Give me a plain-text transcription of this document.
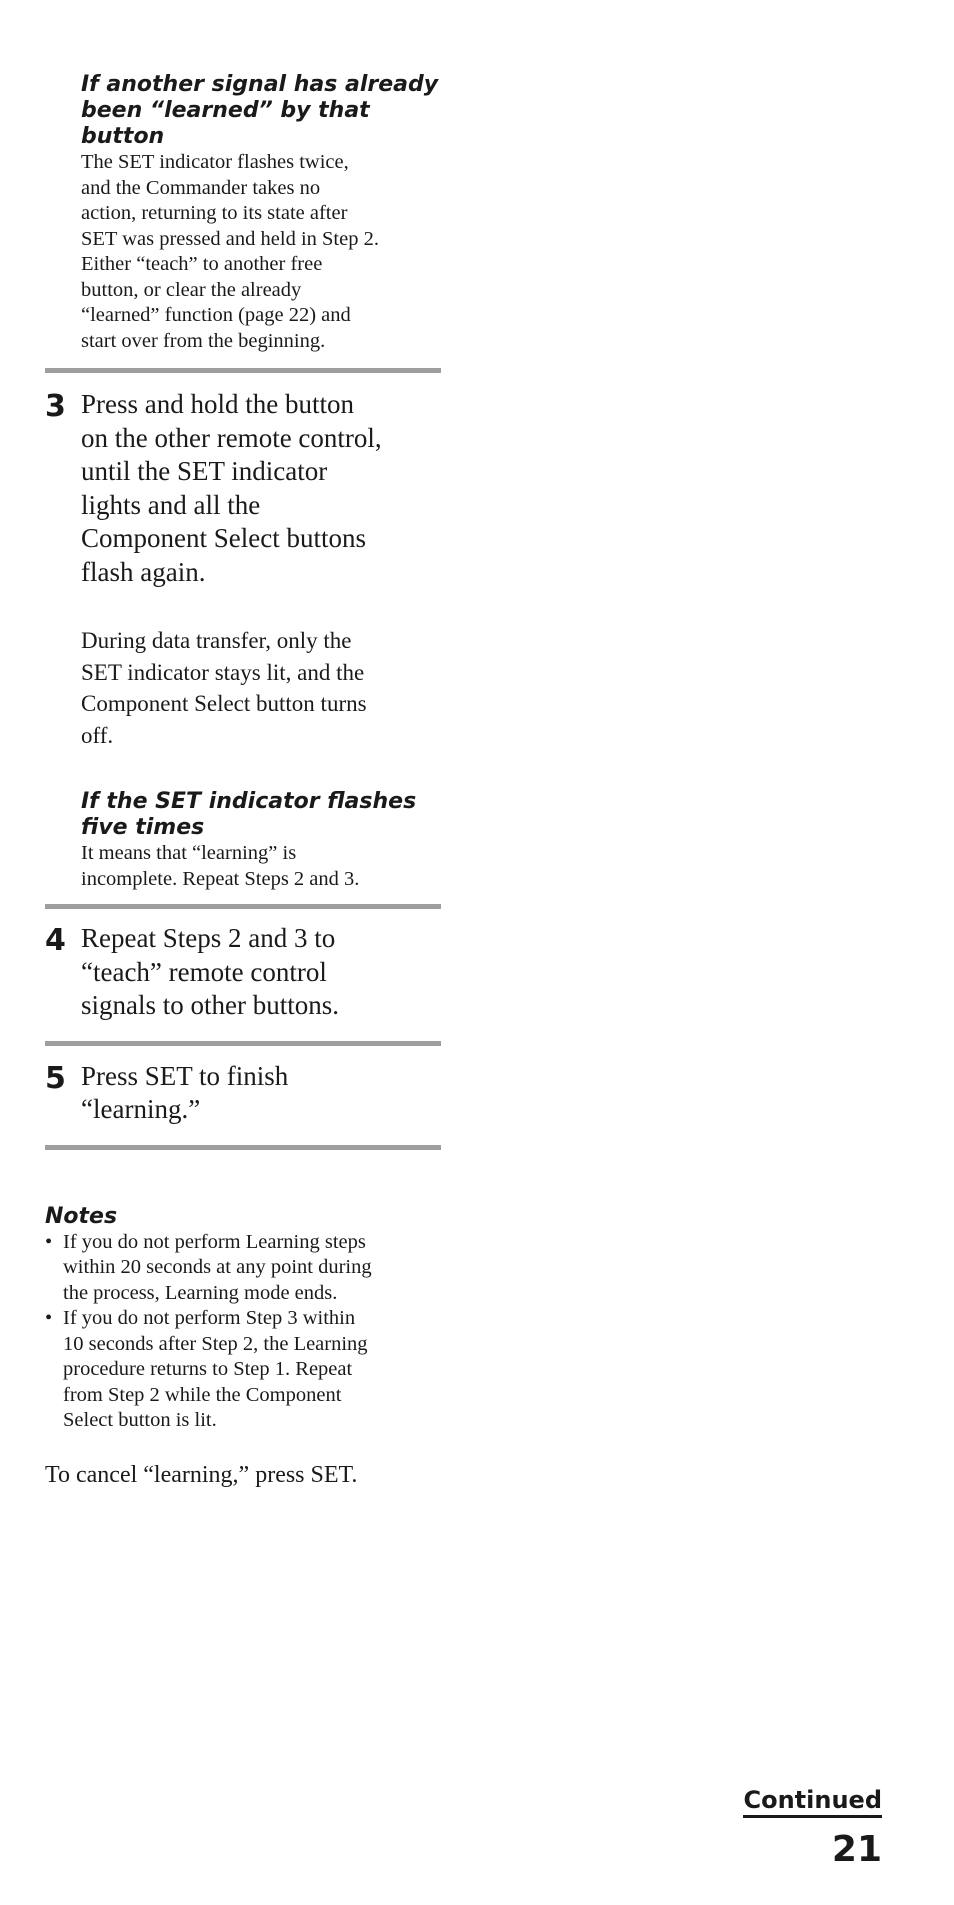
If another signal has already
been “learned” by that
button

The SET indicator flashes twice,
and the Commander takes no
action, returning to its state after
SET was pressed and held in Step 2.
Either “teach” to another free
button, or clear the already
“learned” function (page 22) and
start over from the beginning.

3 Press and hold the button
on the other remote control,
until the SET indicator
lights and all the
Component Select buttons
flash again.

During data transfer, only the
SET indicator stays lit, and the
Component Select button turns
off.

If the SET indicator flashes
five times

It means that “learning” is
incomplete. Repeat Steps 2 and 3.

4 Repeat Steps 2 and 3 to
“teach” remote control
signals to other buttons.

5 Press SET to finish
“learning.”

Notes

• If you do not perform Learning steps
within 20 seconds at any point during
the process, Learning mode ends.
• If you do not perform Step 3 within
10 seconds after Step 2, the Learning
procedure returns to Step 1. Repeat
from Step 2 while the Component
Select button is lit.

To cancel “learning,” press SET.

Continued
21
